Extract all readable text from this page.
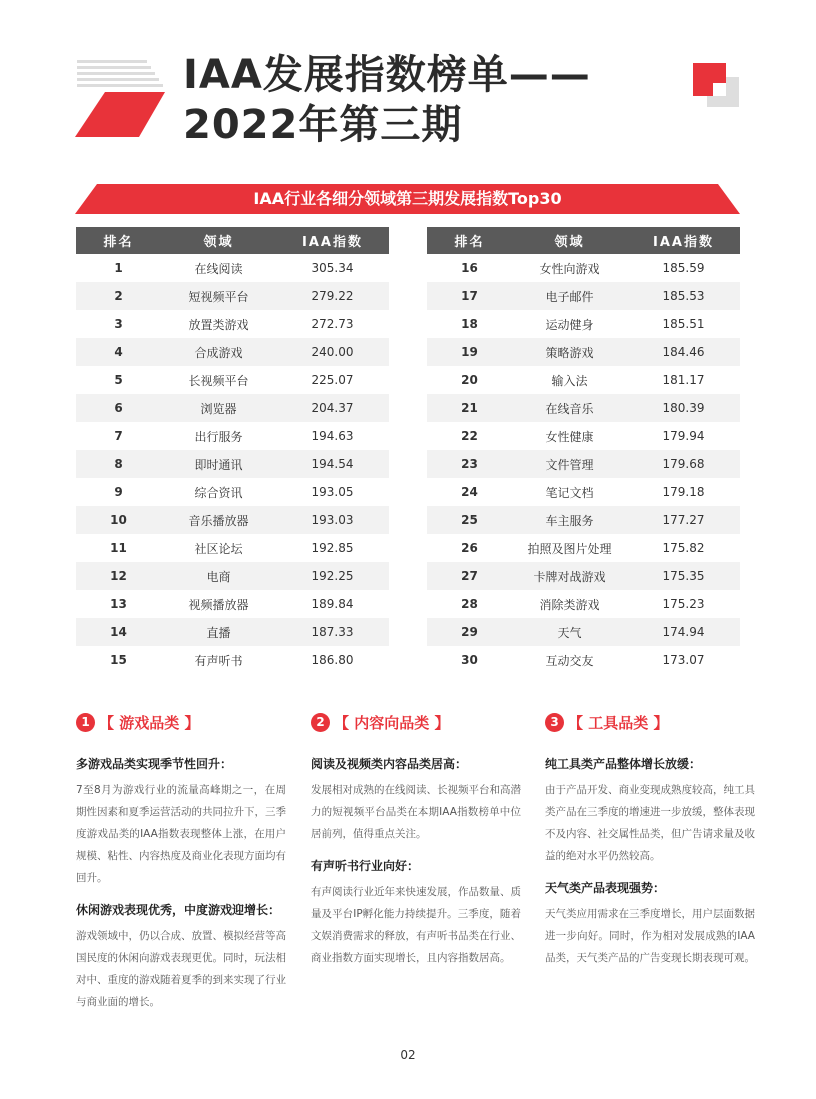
IAA发展指数榜单——
2022年第三期
IAA行业各细分领域第三期发展指数Top30
排名	领域	IAA指数
1	在线阅读	305.34
2	短视频平台	279.22
3	放置类游戏	272.73
4	合成游戏	240.00
5	长视频平台	225.07
6	浏览器	204.37
7	出行服务	194.63
8	即时通讯	194.54
9	综合资讯	193.05
10	音乐播放器	193.03
11	社区论坛	192.85
12	电商	192.25
13	视频播放器	189.84
14	直播	187.33
15	有声听书	186.80
排名	领域	IAA指数
16	女性向游戏	185.59
17	电子邮件	185.53
18	运动健身	185.51
19	策略游戏	184.46
20	输入法	181.17
21	在线音乐	180.39
22	女性健康	179.94
23	文件管理	179.68
24	笔记文档	179.18
25	车主服务	177.27
26	拍照及图片处理	175.82
27	卡牌对战游戏	175.35
28	消除类游戏	175.23
29	天气	174.94
30	互动交友	173.07
1 【 游戏品类 】
多游戏品类实现季节性回升：
7至8月为游戏行业的流量高峰期之一，在周期性因素和夏季运营活动的共同拉升下，三季度游戏品类的IAA指数表现整体上涨，在用户规模、粘性、内容热度及商业化表现方面均有回升。
休闲游戏表现优秀，中度游戏迎增长：
游戏领域中，仍以合成、放置、模拟经营等高国民度的休闲向游戏表现更优。同时，玩法相对中、重度的游戏随着夏季的到来实现了行业与商业面的增长。
2 【 内容向品类 】
阅读及视频类内容品类居高：
发展相对成熟的在线阅读、长视频平台和高潜力的短视频平台品类在本期IAA指数榜单中位居前列，值得重点关注。
有声听书行业向好：
有声阅读行业近年来快速发展，作品数量、质量及平台IP孵化能力持续提升。三季度，随着文娱消费需求的释放，有声听书品类在行业、商业指数方面实现增长，且内容指数居高。
3 【 工具品类 】
纯工具类产品整体增长放缓：
由于产品开发、商业变现成熟度较高，纯工具类产品在三季度的增速进一步放缓，整体表现不及内容、社交属性品类，但广告请求量及收益的绝对水平仍然较高。
天气类产品表现强势：
天气类应用需求在三季度增长，用户层面数据进一步向好。同时，作为相对发展成熟的IAA品类，天气类产品的广告变现长期表现可观。
02
